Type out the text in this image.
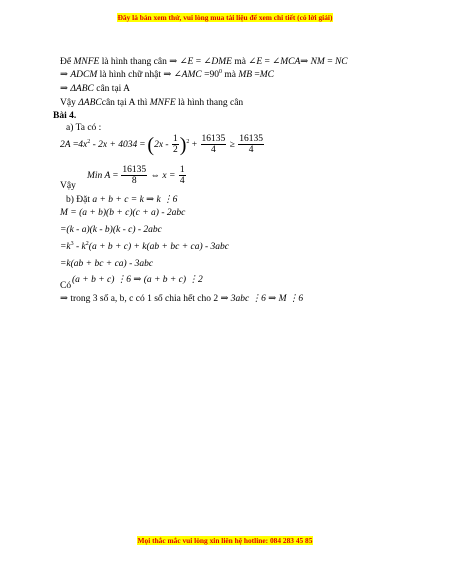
Đây là bản xem thử, vui lòng mua tài liệu để xem chi tiết (có lời giải)
Để MNFE là hình thang cân ⇒ ∠E = ∠DME mà ∠E = ∠MCA⇒ NM = NC
⇒ ADCM là hình chữ nhật ⇒ ∠AMC $=90^0$ mà MB =MC
⇒ ΔABC cân tại A
Vậy ΔABCcân tại A thì MNFE là hình thang cân
Bài 4.
a) Ta có :
$2A =4x^2 - 2x + 4034 = (2x - \frac{1}{2} )^2 + \frac{16135}{4} \ge \frac{16135}{4}$
Min $A = \frac{16135}{8}$ ⇔ $x = \frac{1}{4}$
Vậy
b) Đặt a + b + c = k ⇒ k ⋮6
M = (a + b)(b + c)(c + a) - 2abc
=(k - a)(k - b)(k - c) - 2abc
$=k^3 - k^2(a + b + c) + k(ab$ + bc + ca) - 3abc
=k(ab + bc + ca) - 3abc
(a + b + c) ⋮6 ⇒ (a + b + c) ⋮2
Có
⇒ trong 3 số a, b, c có 1 số chia hết cho 2 ⇒ 3abc ⋮6 ⇒ M ⋮6
Mọi thắc mắc vui lòng xin liên hệ hotline: 084 283 45 85
